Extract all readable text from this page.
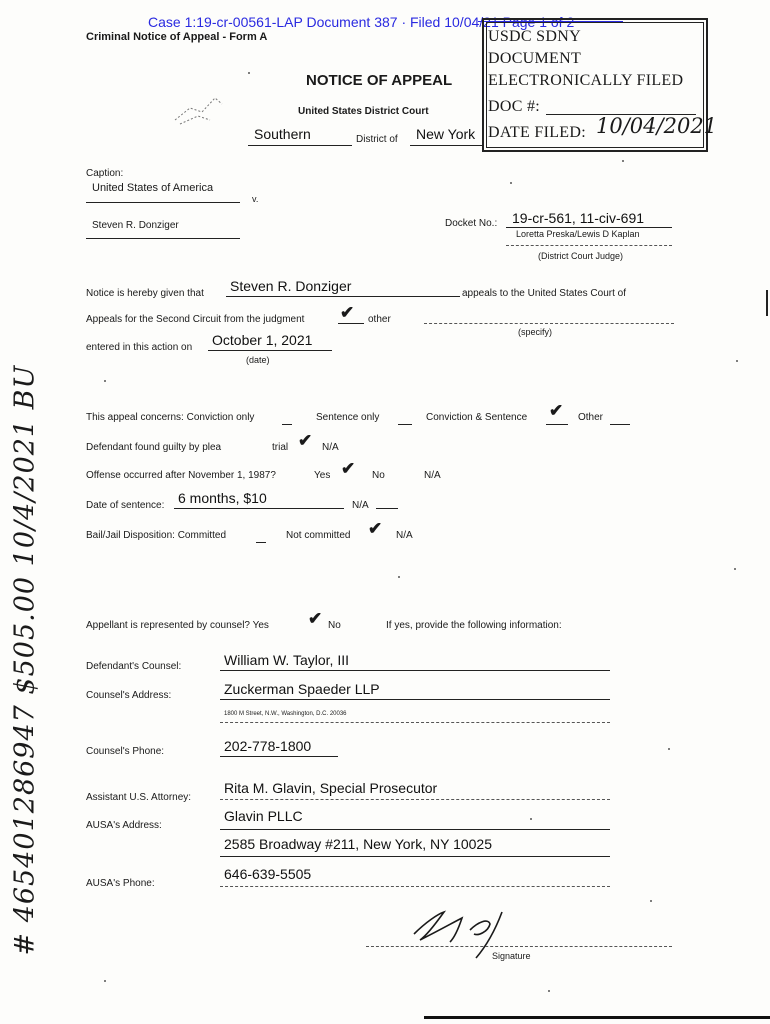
Case 1:19-cr-00561-LAP Document 387 · Filed 10/04/21 Page 1 of 2
Criminal Notice of Appeal - Form A	USDC SDNY
DOCUMENT
ELECTRONICALLY FILED
DOC #:
DATE FILED: 10/04/2021
NOTICE OF APPEAL
United States District Court
Southern	District of New York
Caption:
United States of America
v.
Steven R. Donziger	Docket No.: 19-cr-561, 11-civ-691
Loretta Preska/Lewis D Kaplan
(District Court Judge)
Notice is hereby given that Steven R. Donziger	appeals to the United States Court of
Appeals for the Second Circuit from the judgment ✔ other
(specify)
entered in this action on October 1, 2021
(date)
This appeal concerns: Conviction only	Sentence only	Conviction & Sentence ✔ Other
Defendant found guilty by plea	trial ✔ N/A
Offense occurred after November 1, 1987?	Yes ✔ No	N/A
Date of sentence: 6 months, $10	N/A
Bail/Jail Disposition: Committed	Not committed ✔ N/A
Appellant is represented by counsel? Yes ✔ No	If yes, provide the following information:
Defendant's Counsel:	William W. Taylor, III
Counsel's Address:	Zuckerman Spaeder LLP
1800 M Street, N.W., Washington, D.C. 20036
Counsel's Phone:	202-778-1800
Assistant U.S. Attorney:
Rita M. Glavin, Special Prosecutor
AUSA's Address:
Glavin PLLC
2585 Broadway #211, New York, NY 10025
AUSA's Phone:
646-639-5505
Signature
# 465401286947 $505.00 10/4/2021 BU
